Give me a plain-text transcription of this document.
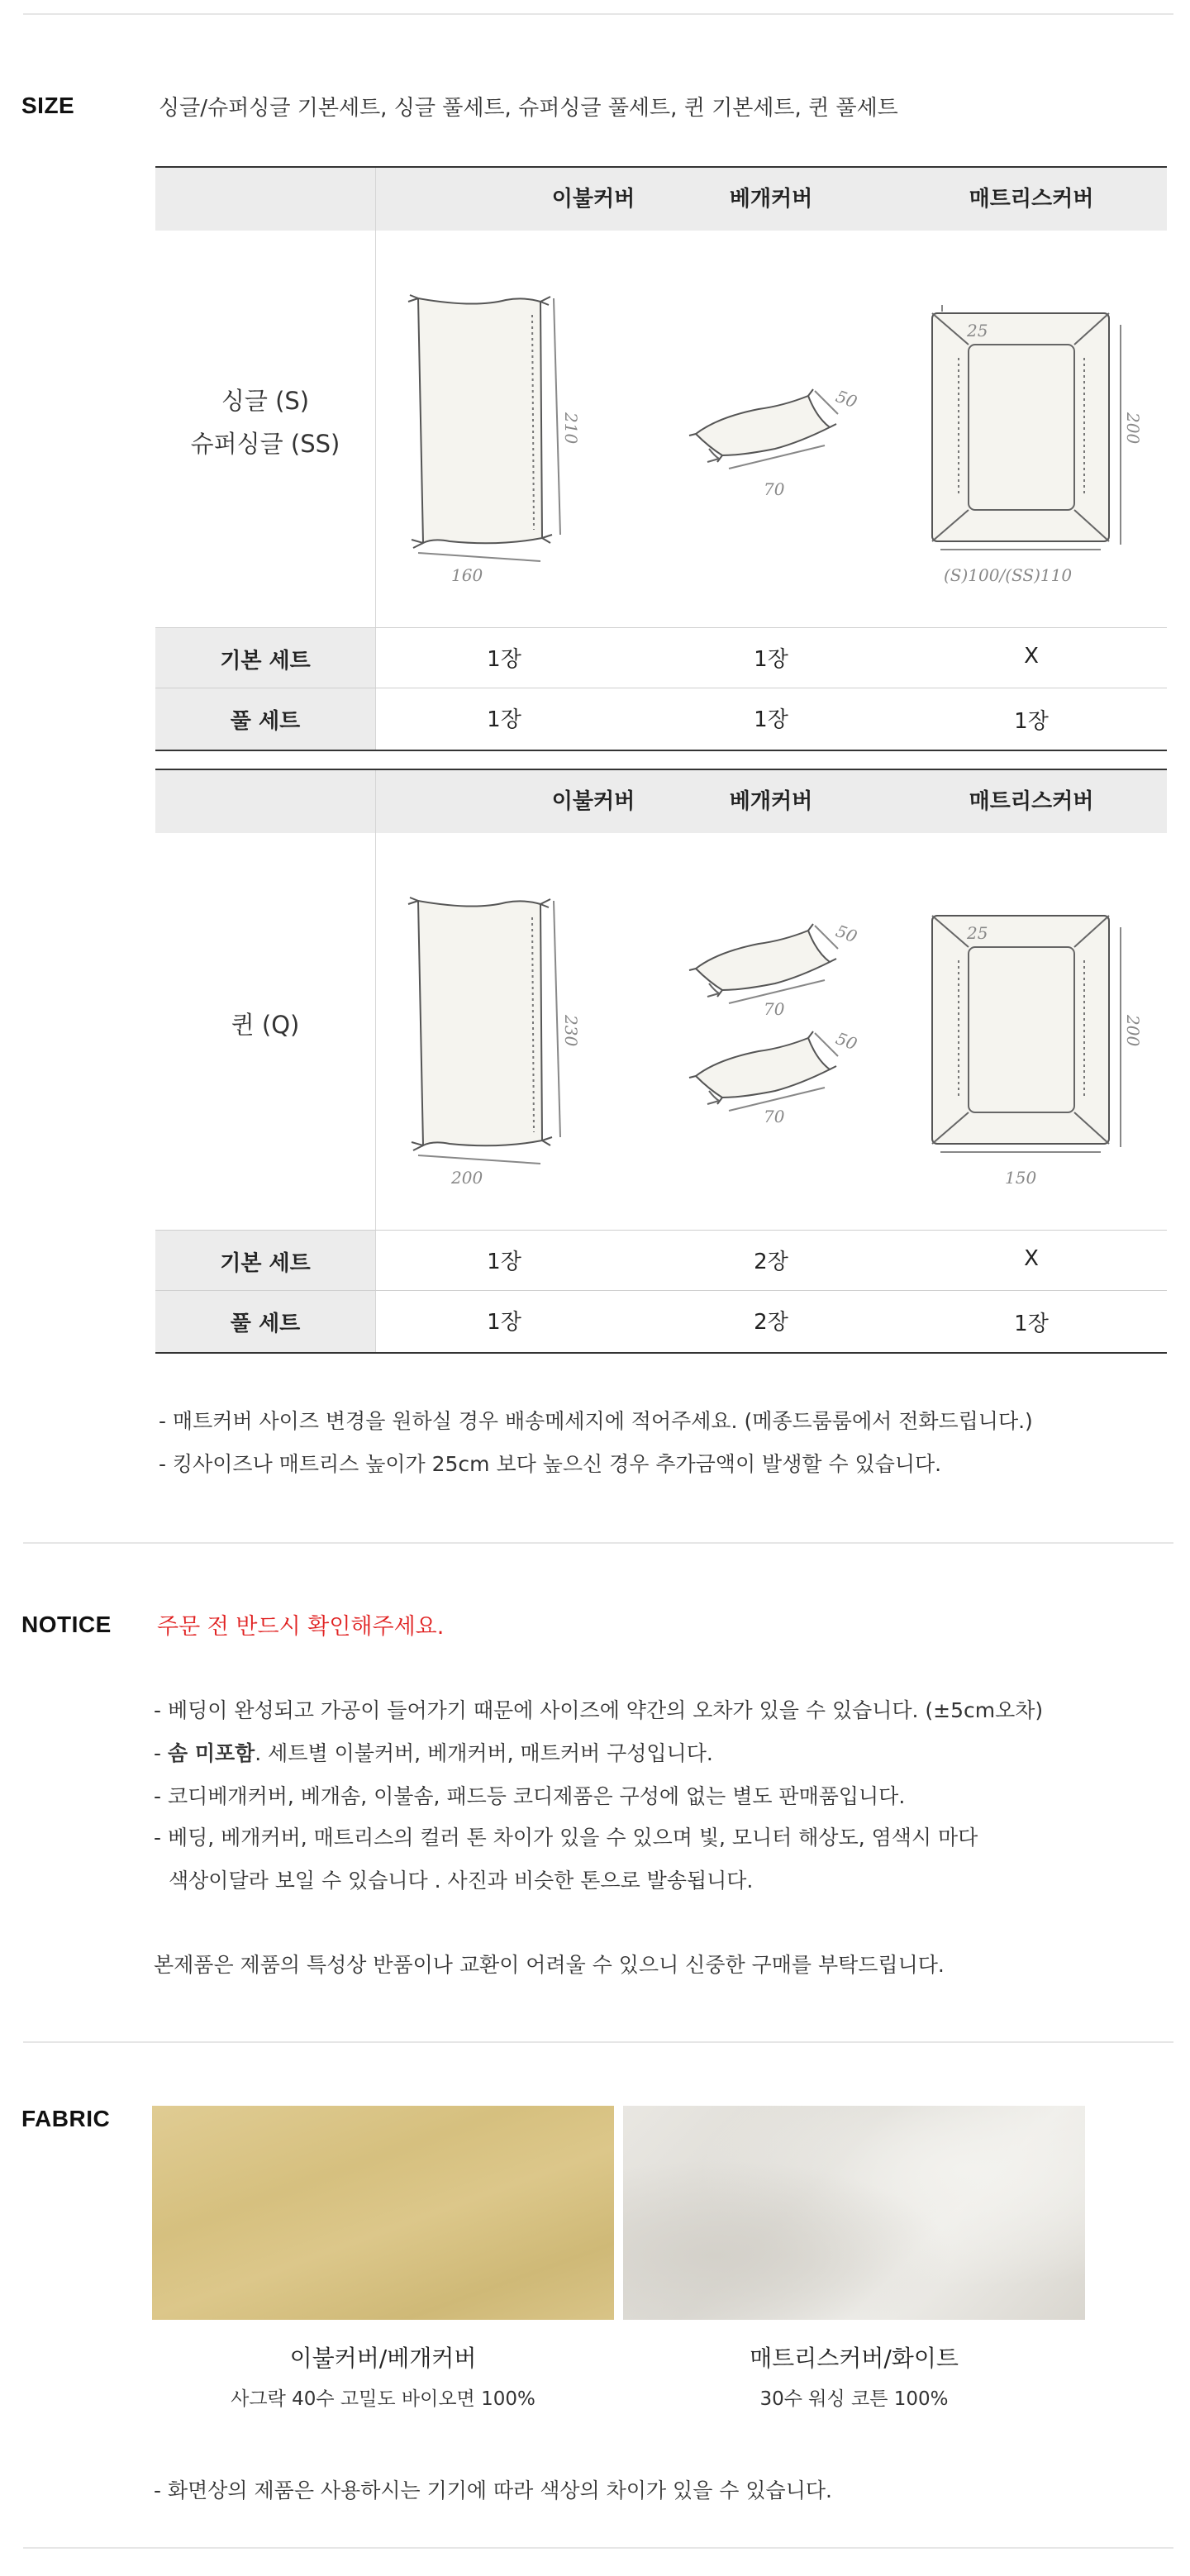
SIZE	싱글/슈퍼싱글 기본세트, 싱글 풀세트, 슈퍼싱글 풀세트, 퀸 기본세트, 퀸 풀세트
이불커버	베개커버	매트리스커버
싱글 (S)
슈퍼싱글 (SS)
160
210
70
50
25
200
(S)100/(SS)110
기본 세트	1장	1장	X
풀 세트	1장	1장	1장
이불커버	베개커버	매트리스커버
퀸 (Q)
200
230
70
50
70
50
25
200
150
기본 세트	1장	2장	X
풀 세트	1장	2장	1장
- 매트커버 사이즈 변경을 원하실 경우 배송메세지에 적어주세요. (메종드룸룸에서 전화드립니다.)
- 킹사이즈나 매트리스 높이가 25cm 보다 높으신 경우 추가금액이 발생할 수 있습니다.
NOTICE 주문 전 반드시 확인해주세요.
- 베딩이 완성되고 가공이 들어가기 때문에 사이즈에 약간의 오차가 있을 수 있습니다. (±5cm오차)
- 솜 미포함. 세트별 이불커버, 베개커버, 매트커버 구성입니다.
- 코디베개커버, 베개솜, 이불솜, 패드등 코디제품은 구성에 없는 별도 판매품입니다.
- 베딩, 베개커버, 매트리스의 컬러 톤 차이가 있을 수 있으며 빛, 모니터 해상도, 염색시 마다
색상이달라 보일 수 있습니다 . 사진과 비슷한 톤으로 발송됩니다.
본제품은 제품의 특성상 반품이나 교환이 어려울 수 있으니 신중한 구매를 부탁드립니다.
FABRIC
이불커버/베개커버
사그락 40수 고밀도 바이오면 100%
매트리스커버/화이트
30수 워싱 코튼 100%
- 화면상의 제품은 사용하시는 기기에 따라 색상의 차이가 있을 수 있습니다.
